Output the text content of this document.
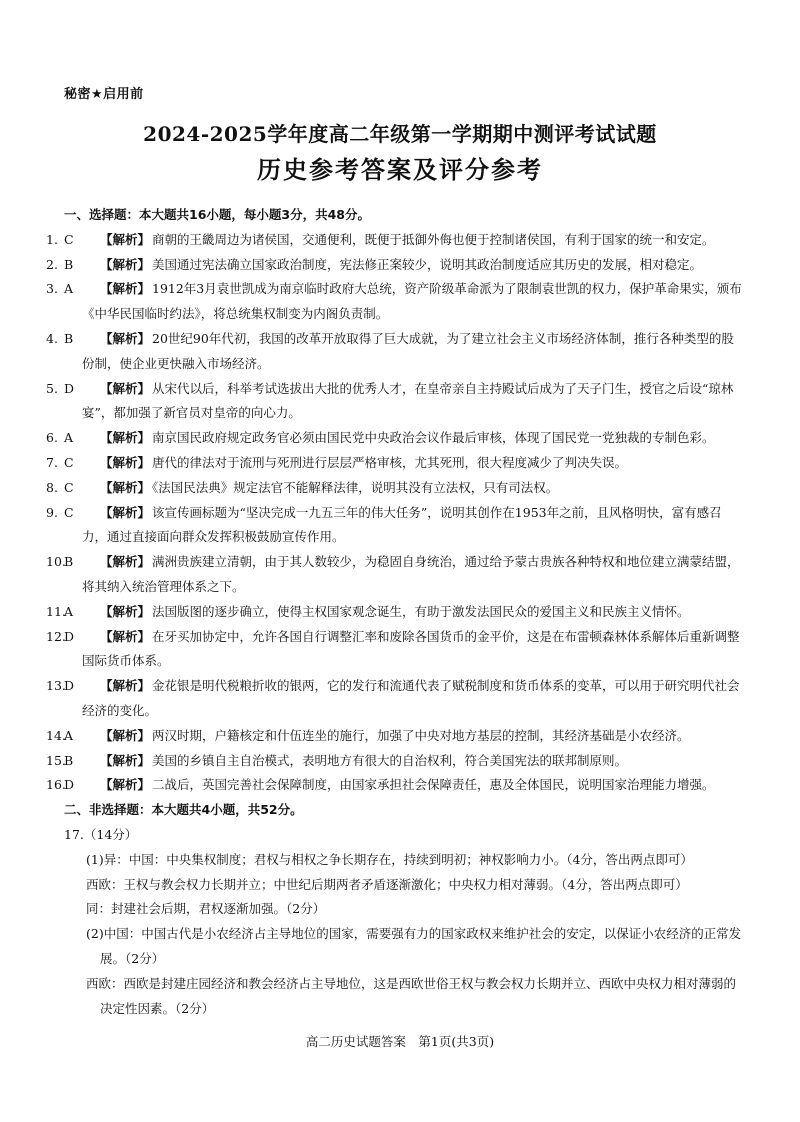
秘密★启用前
2024-2025学年度高二年级第一学期期中测评考试试题
历史参考答案及评分参考
一、选择题：本大题共16小题，每小题3分，共48分。
1. C 【解析】 商朝的王畿周边为诸侯国，交通便利，既便于抵御外侮也便于控制诸侯国，有利于国家的统一和安定。
2. B 【解析】 美国通过宪法确立国家政治制度，宪法修正案较少，说明其政治制度适应其历史的发展，相对稳定。
3. A 【解析】 1912年3月袁世凯成为南京临时政府大总统，资产阶级革命派为了限制袁世凯的权力，保护革命果实，颁布《中华民国临时约法》，将总统集权制变为内阁负责制。
4. B 【解析】 20世纪90年代初，我国的改革开放取得了巨大成就，为了建立社会主义市场经济体制，推行各种类型的股份制，使企业更快融入市场经济。
5. D 【解析】 从宋代以后，科举考试选拔出大批的优秀人才，在皇帝亲自主持殿试后成为了天子门生，授官之后设“琼林宴”，都加强了新官员对皇帝的向心力。
6. A 【解析】 南京国民政府规定政务官必须由国民党中央政治会议作最后审核，体现了国民党一党独裁的专制色彩。
7. C 【解析】 唐代的律法对于流刑与死刑进行层层严格审核，尤其死刑，很大程度减少了判决失误。
8. C 【解析】 《法国民法典》规定法官不能解释法律，说明其没有立法权，只有司法权。
9. C 【解析】 该宣传画标题为“坚决完成一九五三年的伟大任务”，说明其创作在1953年之前，且风格明快，富有感召力，通过直接面向群众发挥积极鼓励宣传作用。
10. B 【解析】 满洲贵族建立清朝，由于其人数较少，为稳固自身统治，通过给予蒙古贵族各种特权和地位建立满蒙结盟，将其纳入统治管理体系之下。
11. A 【解析】 法国版图的逐步确立，使得主权国家观念诞生，有助于激发法国民众的爱国主义和民族主义情怀。
12. D 【解析】 在牙买加协定中，允许各国自行调整汇率和废除各国货币的金平价，这是在布雷顿森林体系解体后重新调整国际货币体系。
13. D 【解析】 金花银是明代税粮折收的银两，它的发行和流通代表了赋税制度和货币体系的变革，可以用于研究明代社会经济的变化。
14. A 【解析】 两汉时期，户籍核定和什伍连坐的施行，加强了中央对地方基层的控制，其经济基础是小农经济。
15. B 【解析】 美国的乡镇自主自治模式，表明地方有很大的自治权利，符合美国宪法的联邦制原则。
16. D 【解析】 二战后，英国完善社会保障制度，由国家承担社会保障责任，惠及全体国民，说明国家治理能力增强。
二、非选择题：本大题共4小题，共52分。
17.（14分）
(1)异：中国：中央集权制度；君权与相权之争长期存在，持续到明初；神权影响力小。（4分，答出两点即可）
西欧：王权与教会权力长期并立；中世纪后期两者矛盾逐渐激化；中央权力相对薄弱。（4分，答出两点即可）
同：封建社会后期，君权逐渐加强。（2分）
(2)中国：中国古代是小农经济占主导地位的国家，需要强有力的国家政权来维护社会的安定，以保证小农经济的正常发展。（2分）
西欧：西欧是封建庄园经济和教会经济占主导地位，这是西欧世俗王权与教会权力长期并立、西欧中央权力相对薄弱的决定性因素。（2分）
高二历史试题答案　第1页(共3页)
